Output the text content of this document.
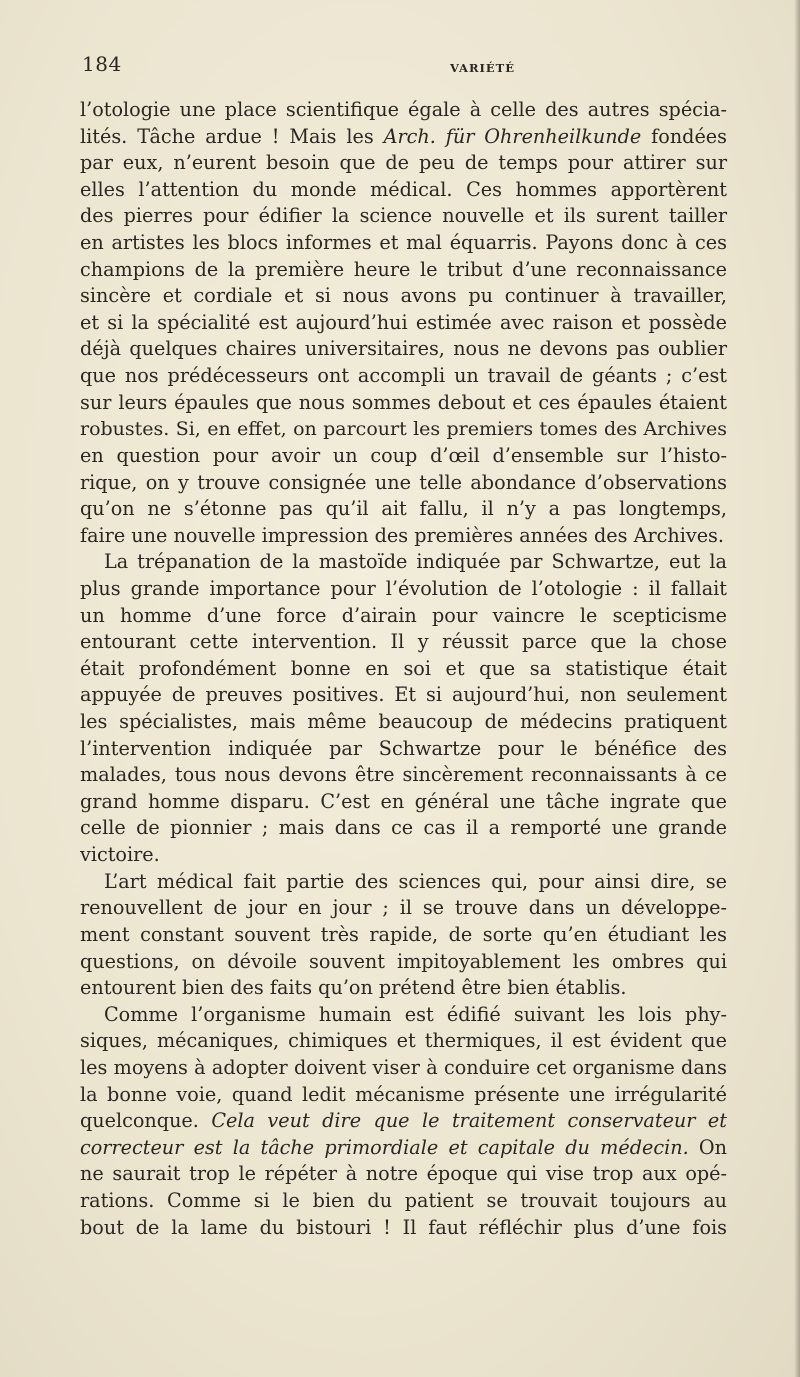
184	VARIÉTÉ
l’otologie une place scientifique égale à celle des autres spécia-
lités. Tâche ardue ! Mais les Arch. für Ohrenheilkunde fondées
par eux, n’eurent besoin que de peu de temps pour attirer sur
elles l’attention du monde médical. Ces hommes apportèrent
des pierres pour édifier la science nouvelle et ils surent tailler
en artistes les blocs informes et mal équarris. Payons donc à ces
champions de la première heure le tribut d’une reconnaissance
sincère et cordiale et si nous avons pu continuer à travailler,
et si la spécialité est aujourd’hui estimée avec raison et possède
déjà quelques chaires universitaires, nous ne devons pas oublier
que nos prédécesseurs ont accompli un travail de géants ; c’est
sur leurs épaules que nous sommes debout et ces épaules étaient
robustes. Si, en effet, on parcourt les premiers tomes des Archives
en question pour avoir un coup d’œil d’ensemble sur l’histo-
rique, on y trouve consignée une telle abondance d’observations
qu’on ne s’étonne pas qu’il ait fallu, il n’y a pas longtemps,
faire une nouvelle impression des premières années des Archives.
La trépanation de la mastoïde indiquée par Schwartze, eut la
plus grande importance pour l’évolution de l’otologie : il fallait
un homme d’une force d’airain pour vaincre le scepticisme
entourant cette intervention. Il y réussit parce que la chose
était profondément bonne en soi et que sa statistique était
appuyée de preuves positives. Et si aujourd’hui, non seulement
les spécialistes, mais même beaucoup de médecins pratiquent
l’intervention indiquée par Schwartze pour le bénéfice des
malades, tous nous devons être sincèrement reconnaissants à ce
grand homme disparu. C’est en général une tâche ingrate que
celle de pionnier ; mais dans ce cas il a remporté une grande
victoire.
L’art médical fait partie des sciences qui, pour ainsi dire, se
renouvellent de jour en jour ; il se trouve dans un développe-
ment constant souvent très rapide, de sorte qu’en étudiant les
questions, on dévoile souvent impitoyablement les ombres qui
entourent bien des faits qu’on prétend être bien établis.
Comme l’organisme humain est édifié suivant les lois phy-
siques, mécaniques, chimiques et thermiques, il est évident que
les moyens à adopter doivent viser à conduire cet organisme dans
la bonne voie, quand ledit mécanisme présente une irrégularité
quelconque. Cela veut dire que le traitement conservateur et
correcteur est la tâche primordiale et capitale du médecin. On
ne saurait trop le répéter à notre époque qui vise trop aux opé-
rations. Comme si le bien du patient se trouvait toujours au
bout de la lame du bistouri ! Il faut réfléchir plus d’une fois
